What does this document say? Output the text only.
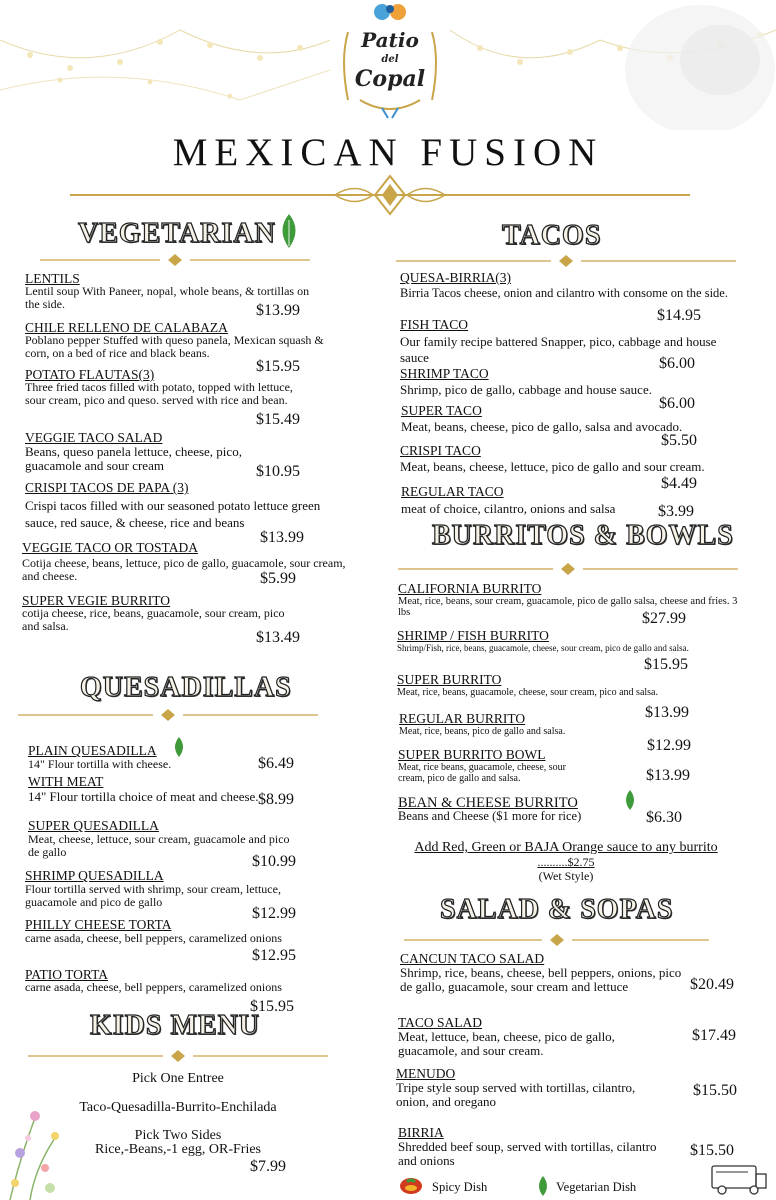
Patio
del
Copal
MEXICAN FUSION
VEGETARIAN
LENTILS
Lentil soup With Paneer, nopal, whole beans, & tortillas on the side.	$13.99
CHILE RELLENO DE CALABAZA
Poblano pepper Stuffed with queso panela, Mexican squash & corn, on a bed of rice and black beans.
$15.95
POTATO FLAUTAS(3)
Three fried tacos filled with potato, topped with lettuce, sour cream, pico and queso. served with rice and bean.
$15.49
VEGGIE TACO SALAD
Beans, queso panela lettuce, cheese, pico, guacamole and sour cream	$10.95
CRISPI TACOS DE PAPA (3)
Crispi tacos filled with our seasoned potato lettuce green sauce, red sauce, & cheese, rice and beans
$13.99
VEGGIE TACO OR TOSTADA
Cotija cheese, beans, lettuce, pico de gallo, guacamole, sour cream, and cheese.	$5.99
SUPER VEGIE BURRITO
cotija cheese, rice, beans, guacamole, sour cream, pico and salsa.
$13.49
QUESADILLAS
PLAIN QUESADILLA
14" Flour tortilla with cheese.	$6.49
WITH MEAT
14" Flour tortilla choice of meat and cheese. $8.99
SUPER QUESADILLA
Meat, cheese, lettuce, sour cream, guacamole and pico de gallo
$10.99
SHRIMP QUESADILLA
Flour tortilla served with shrimp, sour cream, lettuce, guacamole and pico de gallo
$12.99
PHILLY CHEESE TORTA
carne asada, cheese, bell peppers, caramelized onions
$12.95
PATIO TORTA
carne asada, cheese, bell peppers, caramelized onions
$15.95
KIDS MENU
Pick One Entree
Taco-Quesadilla-Burrito-Enchilada
Pick Two Sides
Rice,-Beans,-1 egg, OR-Fries
$7.99
TACOS
QUESA-BIRRIA(3)
Birria Tacos cheese, onion and cilantro with consome on the side.
$14.95
FISH TACO
Our family recipe battered Snapper, pico, cabbage and house sauce	$6.00
SHRIMP TACO
Shrimp, pico de gallo, cabbage and house sauce.
$6.00
SUPER TACO
Meat, beans, cheese, pico de gallo, salsa and avocado.
$5.50
CRISPI TACO
Meat, beans, cheese, lettuce, pico de gallo and sour cream.
$4.49
REGULAR TACO
meat of choice, cilantro, onions and salsa	$3.99
BURRITOS & BOWLS
CALIFORNIA BURRITO
Meat, rice, beans, sour cream, guacamole, pico de gallo salsa, cheese and fries. 3 lbs	$27.99
SHRIMP / FISH BURRITO
Shrimp/Fish, rice, beans, guacamole, cheese, sour cream, pico de gallo and salsa.
$15.95
SUPER BURRITO
Meat, rice, beans, guacamole, cheese, sour cream, pico and salsa.
$13.99
REGULAR BURRITO
Meat, rice, beans, pico de gallo and salsa.
$12.99
SUPER BURRITO BOWL
Meat, rice beans, guacamole, cheese, sour cream, pico de gallo and salsa.	$13.99
BEAN & CHEESE BURRITO
Beans and Cheese ($1 more for rice)	$6.30
Add Red, Green or BAJA Orange sauce to any burrito
..........$2.75
(Wet Style)
SALAD & SOPAS
CANCUN TACO SALAD
Shrimp, rice, beans, cheese, bell peppers, onions, pico de gallo, guacamole, sour cream and lettuce	$20.49
TACO SALAD
Meat, lettuce, bean, cheese, pico de gallo, guacamole, and sour cream.
$17.49
MENUDO
Tripe style soup served with tortillas, cilantro, onion, and oregano
$15.50
BIRRIA
Shredded beef soup, served with tortillas, cilantro and onions
$15.50
Spicy Dish	Vegetarian Dish
